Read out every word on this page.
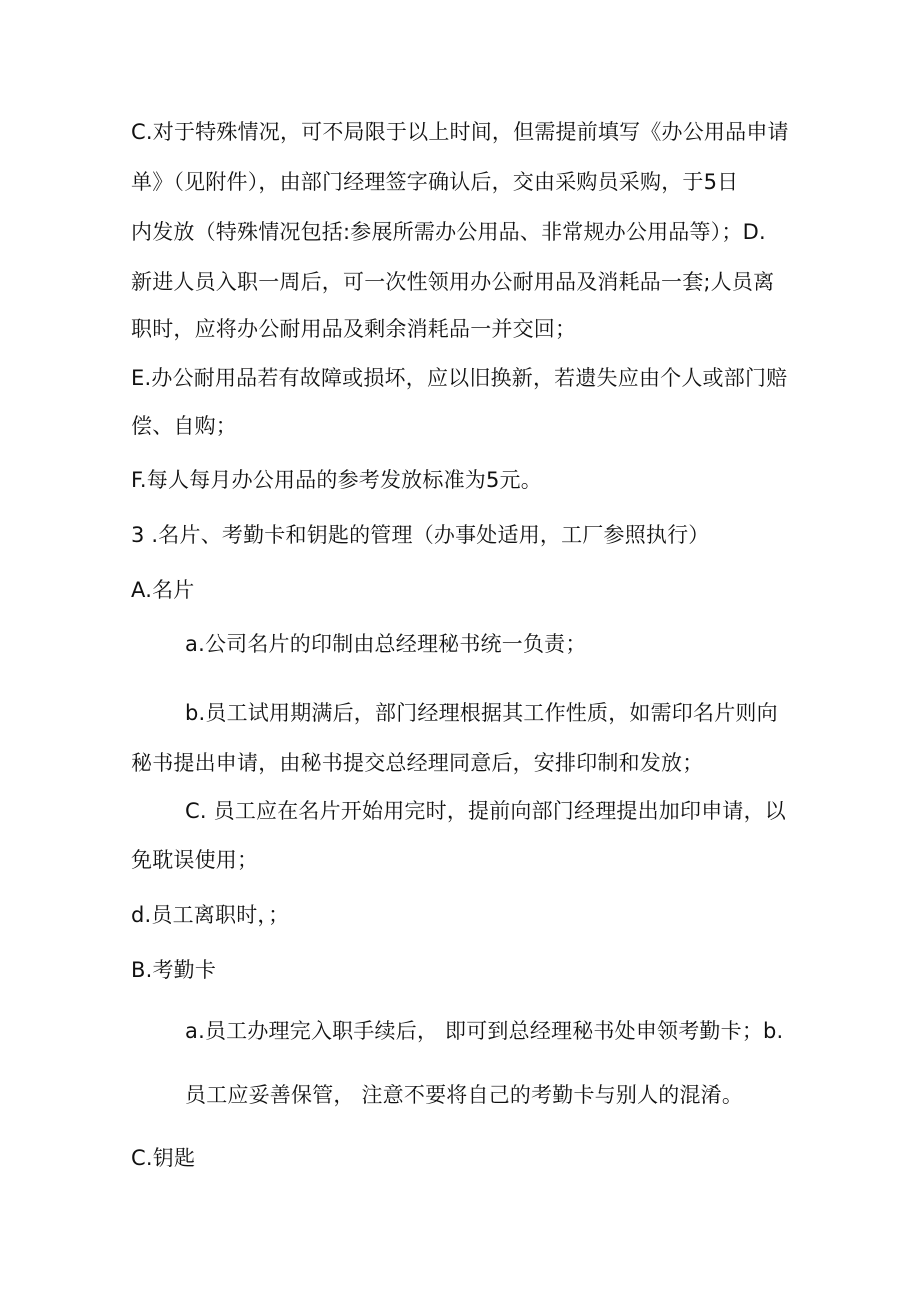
C.对于特殊情况，可不局限于以上时间，但需提前填写《办公用品申请
单》（见附件），由部门经理签字确认后，交由采购员采购，于5日
内发放（特殊情况包括:参展所需办公用品、非常规办公用品等）；D.
新进人员入职一周后，可一次性领用办公耐用品及消耗品一套;人员离
职时，应将办公耐用品及剩余消耗品一并交回；
E.办公耐用品若有故障或损坏，应以旧换新，若遗失应由个人或部门赔
偿、自购；
F.每人每月办公用品的参考发放标准为5元。
3 .名片、考勤卡和钥匙的管理（办事处适用，工厂参照执行）
A.名片
a.公司名片的印制由总经理秘书统一负责；
b.员工试用期满后，部门经理根据其工作性质，如需印名片则向
秘书提出申请，由秘书提交总经理同意后，安排印制和发放；
C. 员工应在名片开始用完时，提前向部门经理提出加印申请，以
免耽误使用；
d.员工离职时，；
B.考勤卡
a.员工办理完入职手续后， 即可到总经理秘书处申领考勤卡；b.
员工应妥善保管， 注意不要将自己的考勤卡与别人的混淆。
C.钥匙
